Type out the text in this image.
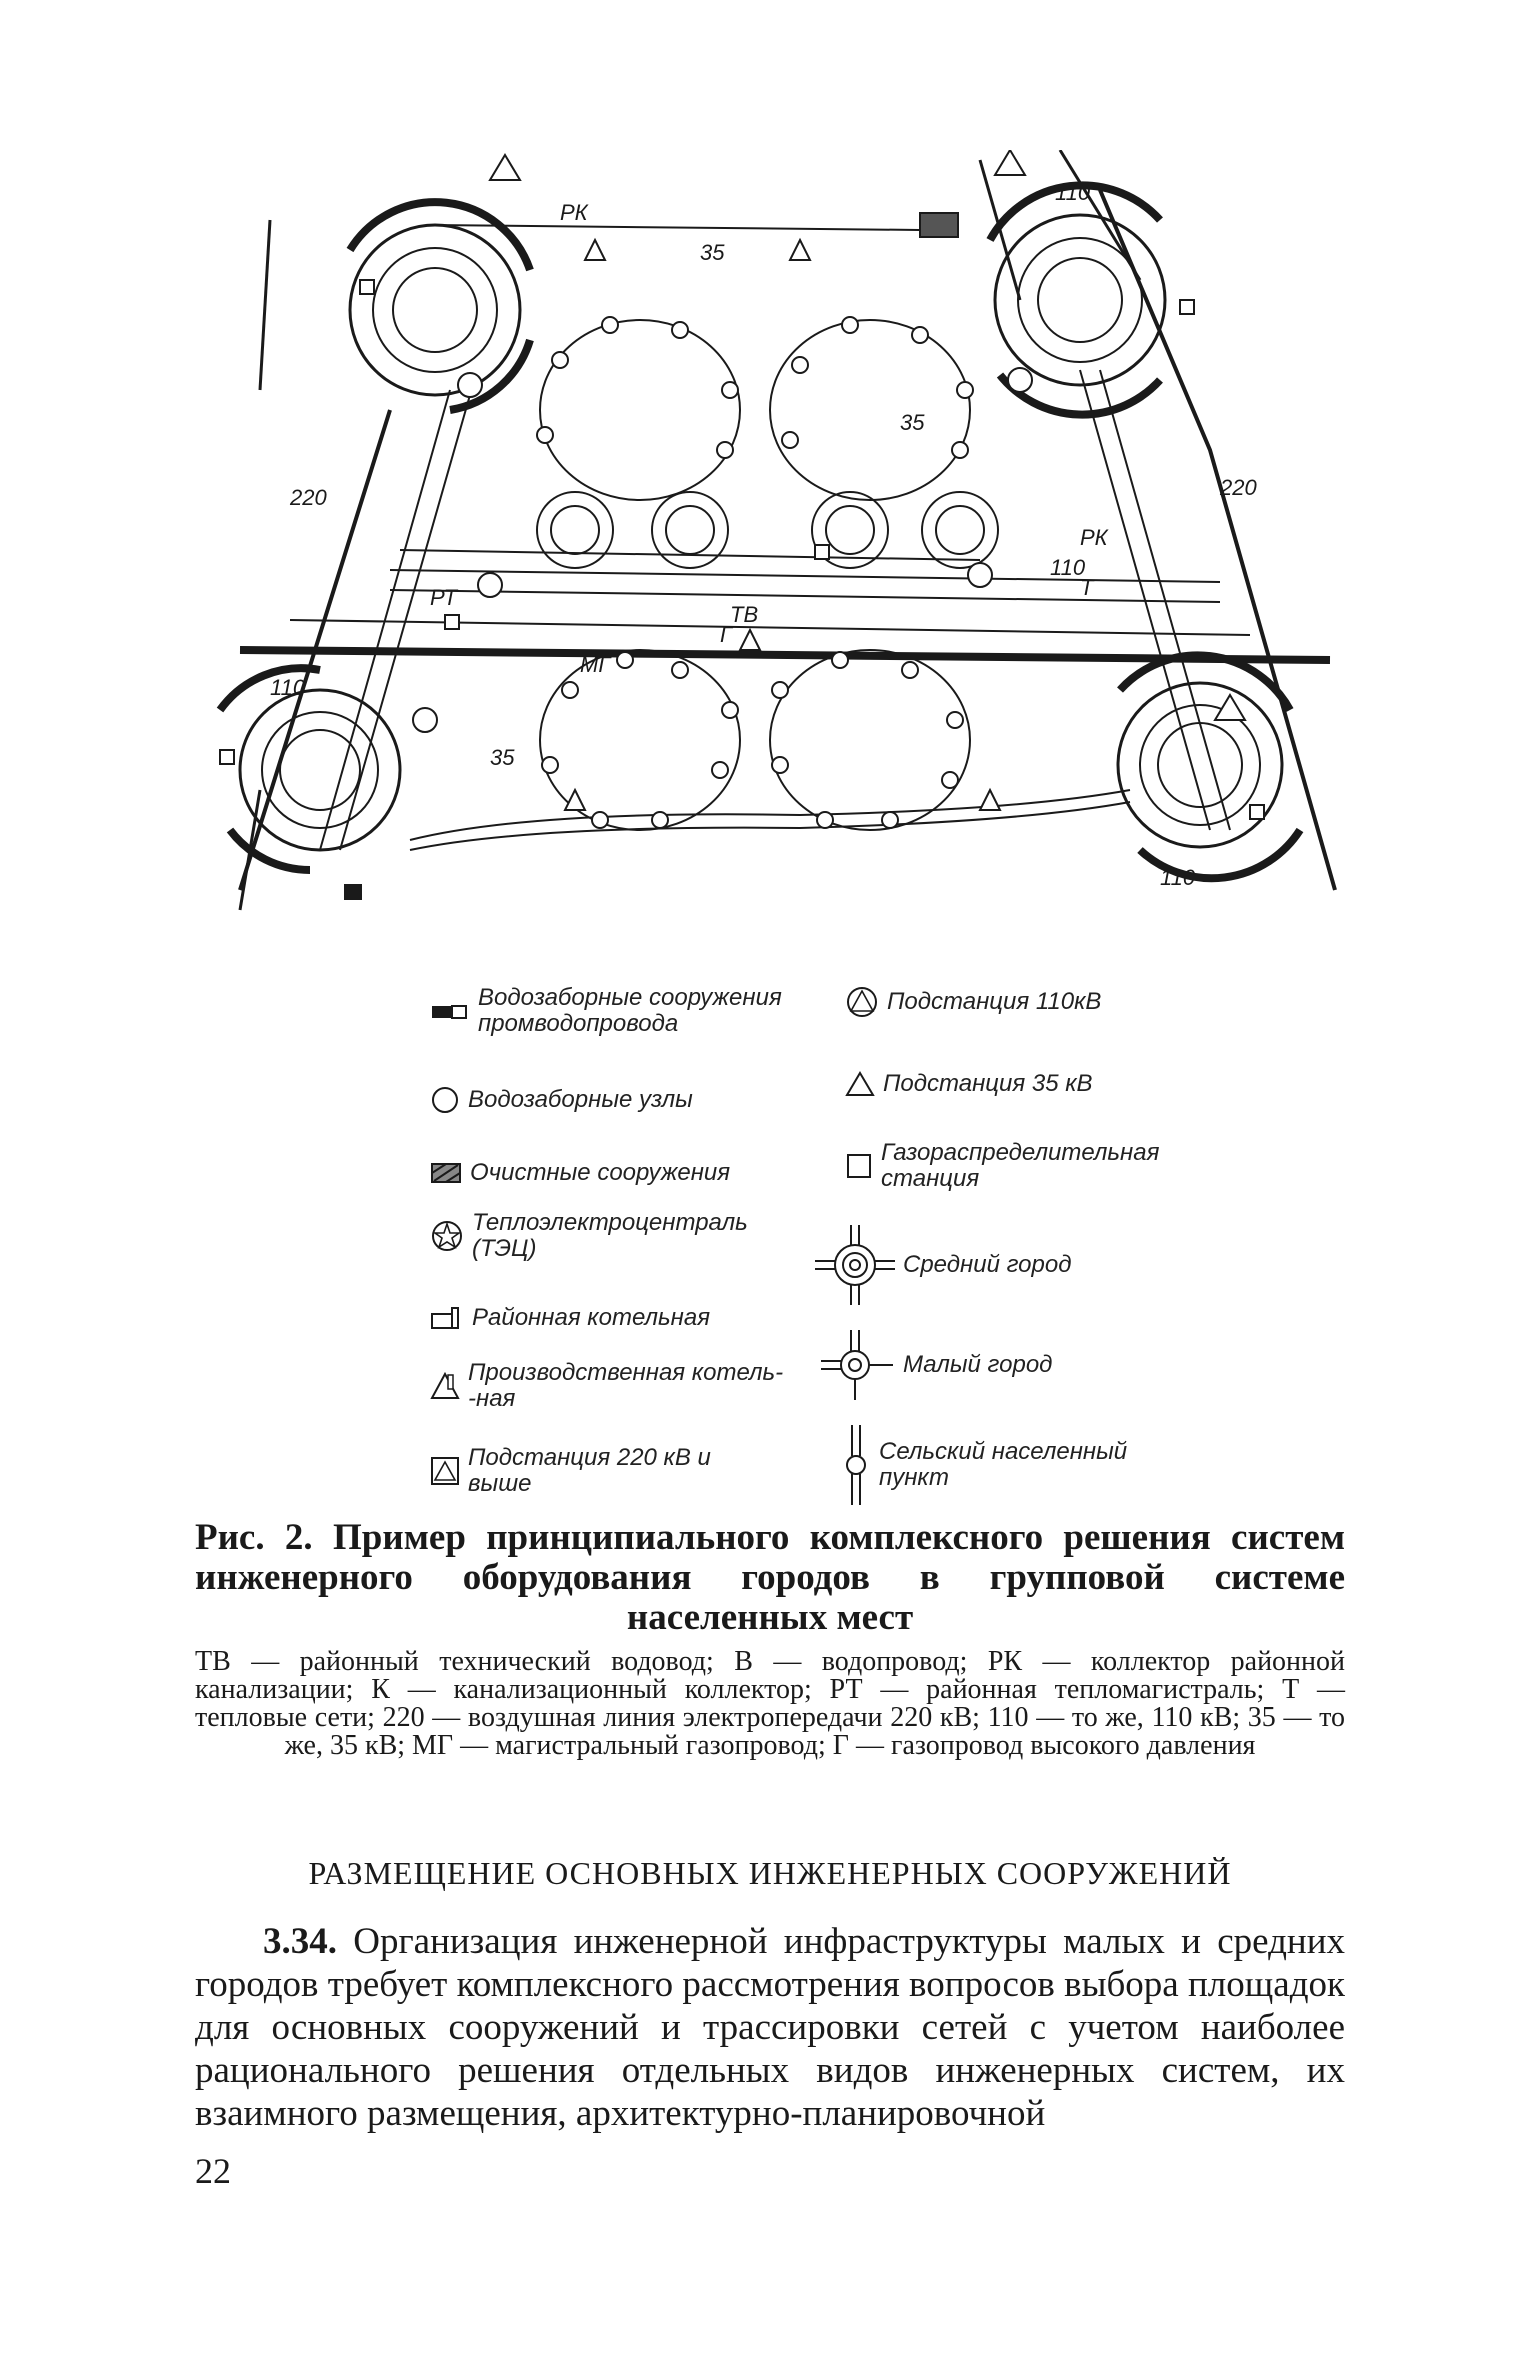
РК
РК
110
110
110
110
220	220
35
35
35
ТВ
РТ	Т
Г
МГ
Водозаборные сооружения
промводопровода
Водозаборные узлы
Очистные сооружения
Теплоэлектроцентраль
(ТЭЦ)
Районная котельная
Производственная котель-
-ная
Подстанция 220 кВ и
выше
Подстанция 110кВ
Подстанция 35 кВ
Газораспределительная
станция
Средний город
Малый город
Сельский населенный
пункт
Рис. 2. Пример принципиального комплексного решения систем инженерного оборудования городов в групповой системе населенных мест
ТВ — районный технический водовод; В — водопровод; РК — коллектор районной канализации; К — канализационный коллектор; РТ — районная тепломагистраль; Т — тепловые сети; 220 — воздушная линия электропередачи 220 кВ; 110 — то же, 110 кВ; 35 — то же, 35 кВ; МГ — магистральный газопровод; Г — газопровод высокого давления
РАЗМЕЩЕНИЕ ОСНОВНЫХ ИНЖЕНЕРНЫХ СООРУЖЕНИЙ
3.34. Организация инженерной инфраструктуры малых и средних городов требует комплексного рассмотрения вопросов выбора площадок для основных сооружений и трассировки сетей с учетом наиболее рационального решения отдельных видов инженерных систем, их взаимного размещения, архитектурно-планировочной
22
